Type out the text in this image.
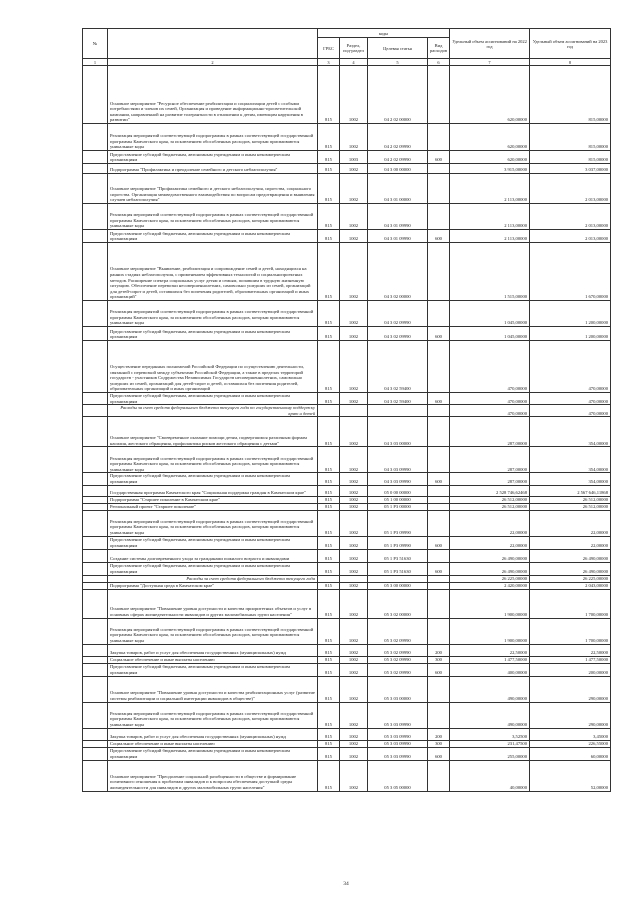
№		коды				Удельный объем ассигнований на 2022 год	Удельный объем ассигнований на 2023 год
		ГРБС	Раздел, под-раздел	Целевая статья	Вид расходов		
1	2	3	4	5	6	7	8
	Основное мероприятие "Ресурсное обеспечение реабилитации и социализации детей с особыми потребностями и членов их семей, Организация и проведение информационно-просветительской кампании, направленной на развитие толерантности в отношении к детям, имеющим нарушения в развитии"	815	1002	04 2 02 00000		620,00000	815,00000
	Реализация мероприятий соответствующей подпрограммы в рамках соответствующей государственной программы Камчатского края, за исключением обособленных расходов, которым присваиваются уникальные коды	815	1002	04 2 02 09990		620,00000	815,00000
	Предоставление субсидий бюджетным, автономным учреждениям и иным некоммерческим организациям	815	1003	04 2 02 09990	600	620,00000	815,00000
	Подпрограмма "Профилактика и преодоление семейного и детского неблагополучия"	815	1002	04 3 00 00000		3 915,00000	3 037,00000
	Основное мероприятие "Профилактика семейного и детского неблагополучия, сиротства, социального сиротства. Организация межведомственного взаимодействия по вопросам предотвращения и выявления случаев неблагополучия"	815	1002	04 3 01 00000		2 113,00000	2 013,00000
	Реализация мероприятий соответствующей подпрограммы в рамках соответствующей государственной программы Камчатского края, за исключением обособленных расходов, которым присваиваются уникальные коды	815	1002	04 3 01 09990		2 113,00000	2 013,00000
	Предоставление субсидий бюджетным, автономным учреждениям и иным некоммерческим организациям	815	1002	04 3 01 09990	600	2 113,00000	2 013,00000
	Основное мероприятие "Выявление, реабилитация и сопровождение семей и детей, находящихся на ранних стадиях неблагополучия, с применением эффективных технологий и социальнопроектных методов. Расширение спектра социальных услуг детям и семьям, попавшим в трудную жизненную ситуацию. Обеспечение перевозки несовершеннолетних, самовольно ушедших из семей, организаций для детей-сирот и детей, оставшихся без попечения родителей, образовательных организаций и иных организаций"	815	1002	04 3 02 00000		1 515,00000	1 670,00000
	Реализация мероприятий соответствующей подпрограммы в рамках соответствующей государственной программы Камчатского края, за исключением обособленных расходов, которым присваиваются уникальные коды	815	1002	04 3 02 09990		1 045,00000	1 200,00000
	Предоставление субсидий бюджетным, автономным учреждениям и иным некоммерческим организациям	815	1002	04 3 02 09990	600	1 045,00000	1 200,00000
	Осуществление переданных полномочий Российской Федерации по осуществлению деятельности, связанной с перевозкой между субъектами Российской Федерации, а также в пределах территорий государств - участников Содружества Независимых Государств несовершеннолетних, самовольно ушедших из семей, организаций для детей-сирот и детей, оставшихся без попечения родителей, образовательных организаций и иных организаций	815	1002	04 3 02 59400		470,00000	470,00000
	Предоставление субсидий бюджетным, автономным учреждениям и иным некоммерческим организациям	815	1002	04 3 02 59400	600	470,00000	470,00000
	Расходы за счет средств федерального бюджета текущего года по государственному поддержку краю и детей					470,00000	470,00000
	Основное мероприятие "Своевременное оказание помощи детям, подвергшимся различным формам насилия, жестокого обращения, профилактика рисков жестокого обращения с детьми"	815	1002	04 3 03 00000		287,00000	354,00000
	Реализация мероприятий соответствующей подпрограммы в рамках соответствующей государственной программы Камчатского края, за исключением обособленных расходов, которым присваиваются уникальные коды	815	1002	04 3 03 09990		287,00000	354,00000
	Предоставление субсидий бюджетным, автономным учреждениям и иным некоммерческим организациям	815	1002	04 3 03 09990	600	287,00000	354,00000
	Государственная программа Камчатского края "Социальная поддержка граждан в Камчатском крае"	815	1002	05 0 00 00000		2 528 746,62468	2 567 646,11868
	Подпрограмма "Старшее поколение в Камчатском крае"	815	1002	05 1 00 00000		26 512,00000	26 512,00000
	Региональный проект "Старшее поколение"	815	1002	05 1 P3 00000		26 512,00000	26 512,00000
	Реализация мероприятий соответствующей подпрограммы в рамках соответствующей государственной программы Камчатского края, за исключением обособленных расходов, которым присваиваются уникальные коды	815	1002	05 1 P3 09990		22,00000	22,00000
	Предоставление субсидий бюджетным, автономным учреждениям и иным некоммерческим организациям	815	1002	05 1 P3 09990	600	22,00000	22,00000
	Создание системы долговременного ухода за гражданами пожилого возраста и инвалидами	815	1002	05 1 P3 51630		26 490,00000	26 490,00000
	Предоставление субсидий бюджетным, автономным учреждениям и иным некоммерческим организациям	815	1002	05 1 P3 51630	600	26 490,00000	26 490,00000
	Расходы за счет средств федерального бюджета текущего года					26 225,00000	26 225,00000
	Подпрограмма "Доступная среда в Камчатском крае"	815	1002	05 3 00 00000		2 420,00000	2 043,00000
	Основное мероприятие "Повышение уровня доступности и качества приоритетных объектов и услуг в основных сферах жизнедеятельности инвалидов и других маломобильных групп населения"	815	1002	05 3 02 00000		1 900,00000	1 700,00000
	Реализация мероприятий соответствующей подпрограммы в рамках соответствующей государственной программы Камчатского края, за исключением обособленных расходов, которым присваиваются уникальные коды	815	1002	05 3 02 09990		1 900,00000	1 700,00000
	Закупка товаров, работ и услуг для обеспечения государственных (муниципальных) нужд	815	1002	05 3 02 09990	200	22,50000	22,50000
	Социальное обеспечение и иные выплаты населению	815	1002	05 3 02 09990	300	1 477,50000	1 477,50000
	Предоставление субсидий бюджетным, автономным учреждениям и иным некоммерческим организациям	815	1002	05 3 02 09990	600	400,00000	200,00000
	Основное мероприятие "Повышение уровня доступности и качества реабилитационных услуг (развитие системы реабилитации и социальной интеграции инвалидов в обществе)"	815	1002	05 3 03 00000		490,00000	290,00000
	Реализация мероприятий соответствующей подпрограммы в рамках соответствующей государственной программы Камчатского края, за исключением обособленных расходов, которым присваиваются уникальные коды	815	1002	05 3 03 09990		490,00000	290,00000
	Закупка товаров, работ и услуг для обеспечения государственных (муниципальных) нужд	815	1002	05 3 03 09990	200	3,52500	3,45000
	Социальное обеспечение и иные выплаты населению	815	1002	05 3 03 09990	300	231,47500	226,55000
	Предоставление субсидий бюджетным, автономным учреждениям и иным некоммерческим организациям	815	1002	05 3 03 09990	600	255,00000	60,00000
	Основное мероприятие "Преодоление социальной разобщенности в обществе и формирование позитивного отношения к проблемам инвалидов и к вопросам обеспечения доступной среды жизнедеятельности для инвалидов и других маломобильных групп населения"	815	1002	05 3 05 00000		40,00000	52,00000
34
